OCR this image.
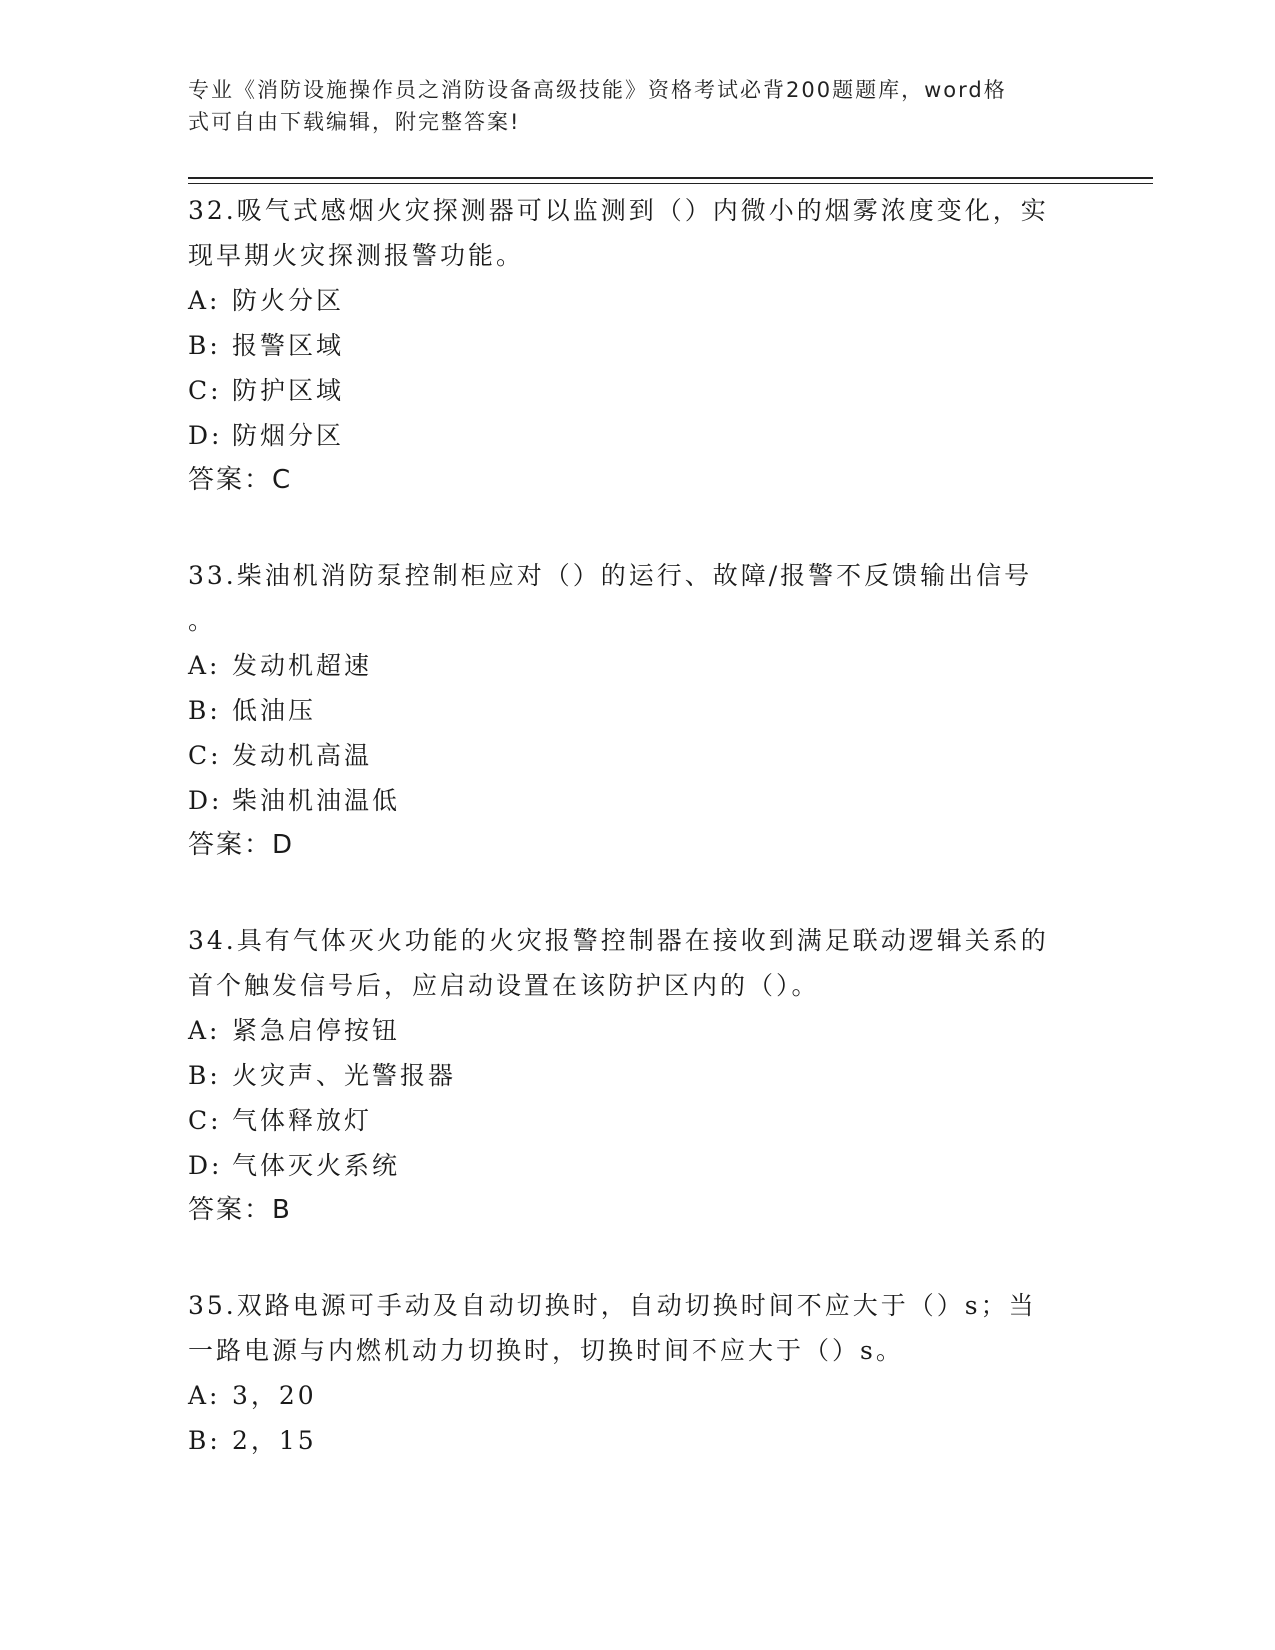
专业《消防设施操作员之消防设备高级技能》资格考试必背200题题库，word格
式可自由下载编辑，附完整答案!

32.吸气式感烟火灾探测器可以监测到（）内微小的烟雾浓度变化，实
现早期火灾探测报警功能。

A: 防火分区

B: 报警区域

C: 防护区域

D: 防烟分区

答案：C

33.柴油机消防泵控制柜应对（）的运行、故障/报警不反馈输出信号
。

A: 发动机超速

B: 低油压

C: 发动机高温

D: 柴油机油温低

答案：D

34.具有气体灭火功能的火灾报警控制器在接收到满足联动逻辑关系的
首个触发信号后，应启动设置在该防护区内的（）。

A: 紧急启停按钮

B: 火灾声、光警报器

C: 气体释放灯

D: 气体灭火系统

答案：B

35.双路电源可手动及自动切换时，自动切换时间不应大于（）s；当
一路电源与内燃机动力切换时，切换时间不应大于（）s。

A: 3，20

B: 2，15
